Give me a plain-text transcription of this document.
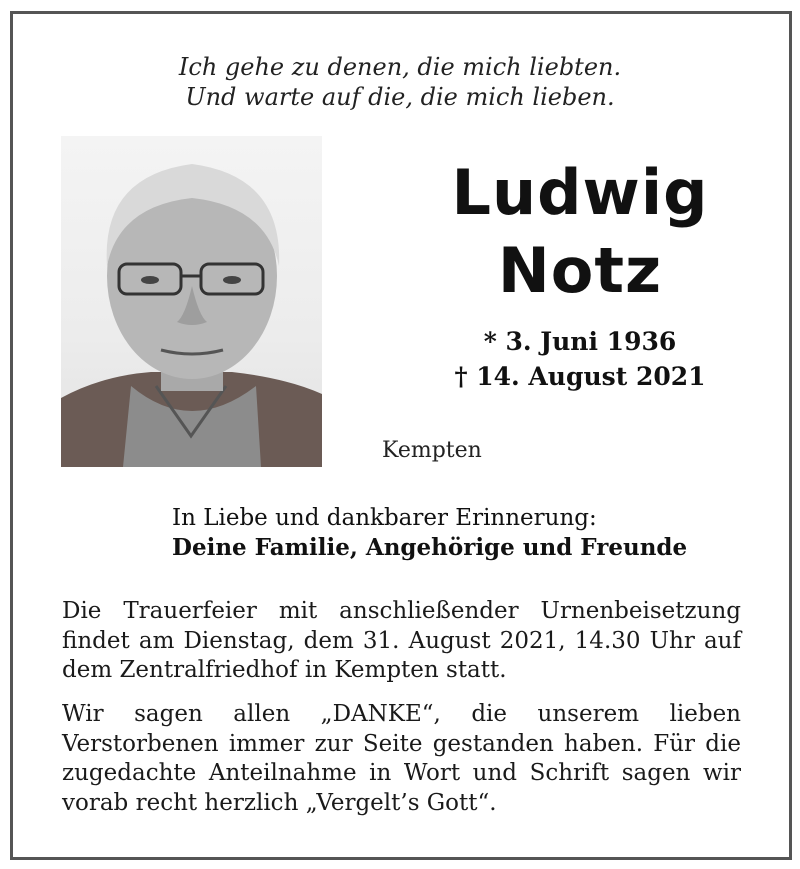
Ich gehe zu denen, die mich liebten.
Und warte auf die, die mich lieben.
Ludwig
Notz
* 3. Juni 1936
† 14. August 2021
Kempten
In Liebe und dankbarer Erinnerung:
Deine Familie, Angehörige und Freunde
Die Trauerfeier mit anschließender Urnenbeisetzung findet am Dienstag, dem 31. August 2021, 14.30 Uhr auf dem Zentralfriedhof in Kempten statt.
Wir sagen allen „DANKE“, die unserem lieben Verstorbenen immer zur Seite gestanden haben. Für die zugedachte Anteilnahme in Wort und Schrift sagen wir vorab recht herzlich „Vergelt’s Gott“.
